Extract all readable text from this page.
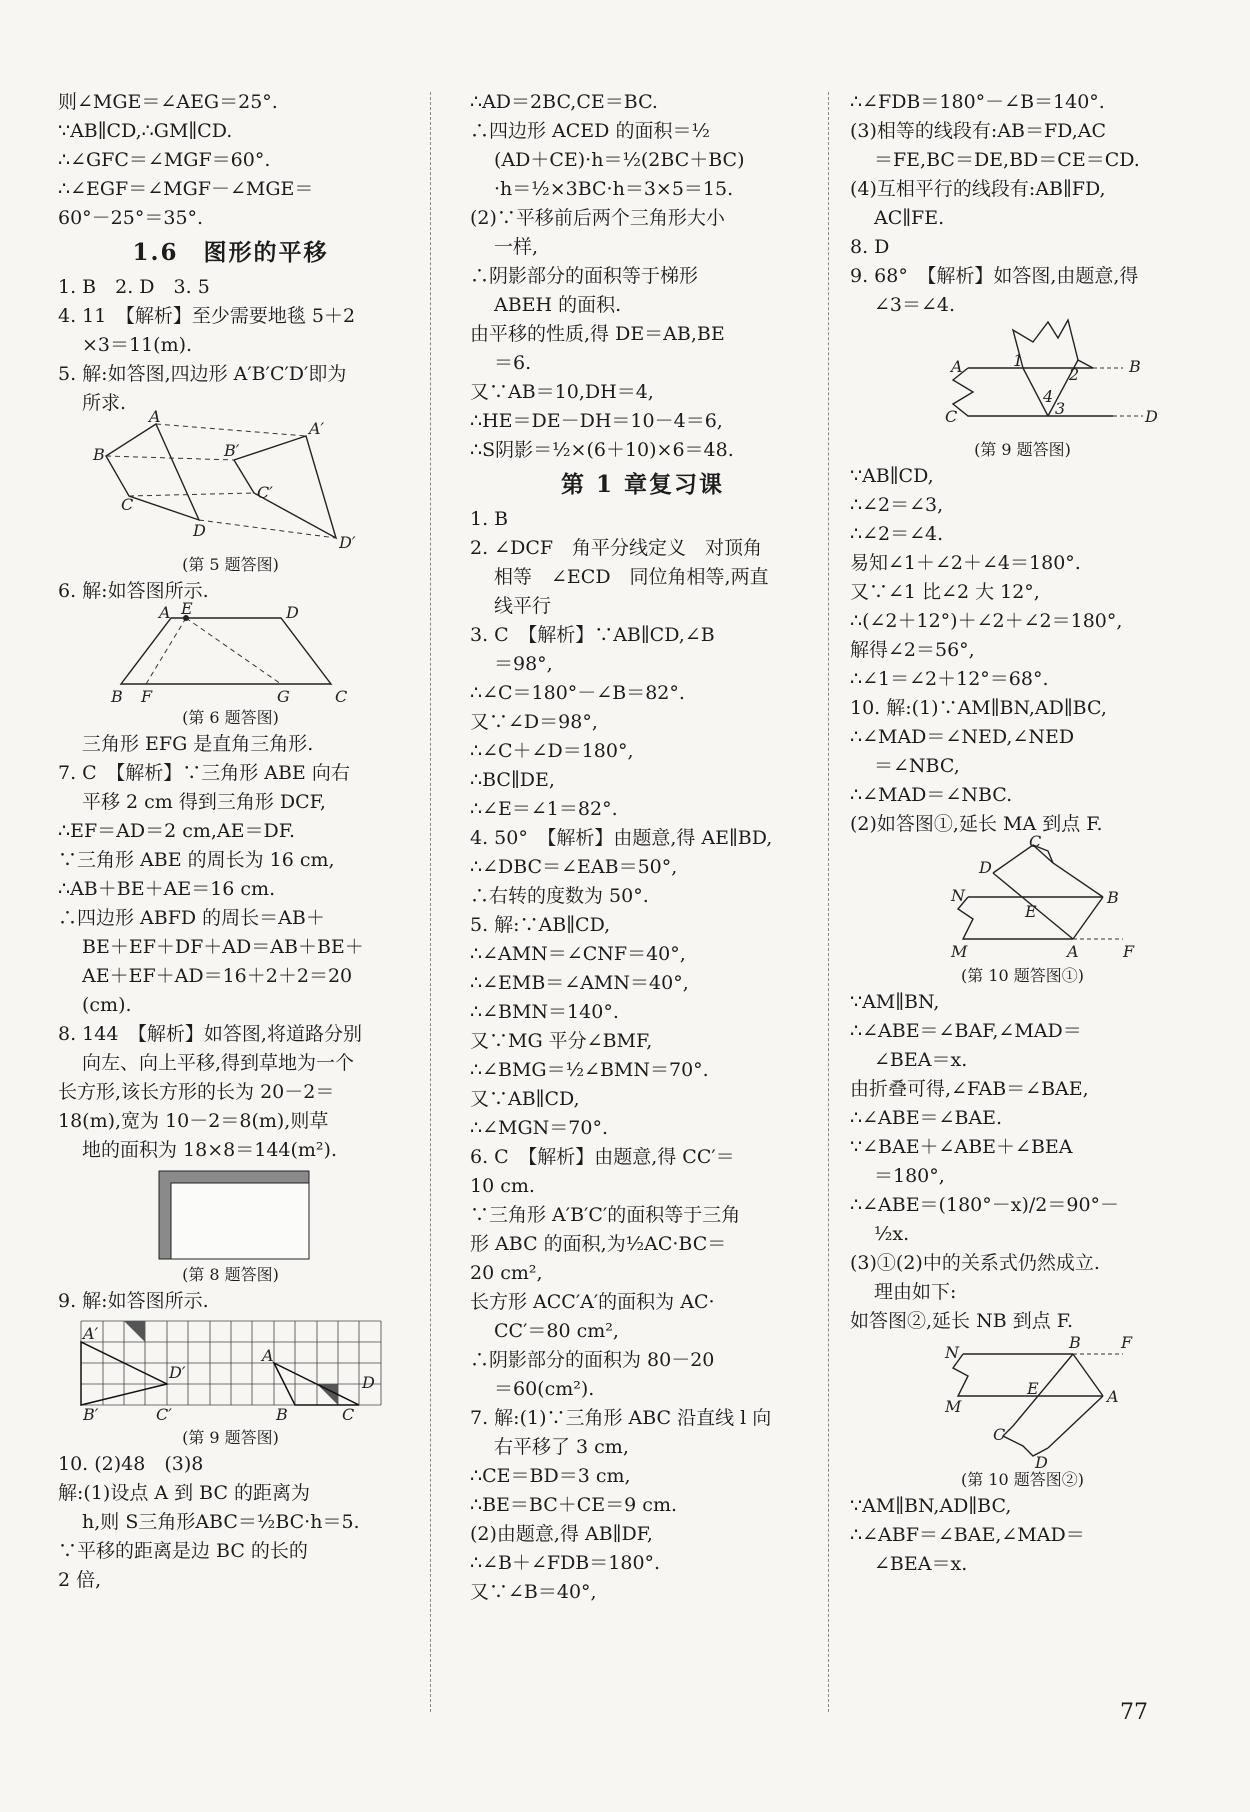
则∠MGE＝∠AEG＝25°.
∵AB∥CD,∴GM∥CD.
∴∠GFC＝∠MGF＝60°.
∴∠EGF＝∠MGF－∠MGE＝
60°－25°＝35°.
1.6　图形的平移
1. B　2. D　3. 5
4. 11　【解析】至少需要地毯 5＋2
×3＝11(m).
5. 解:如答图,四边形 A′B′C′D′即为
所求.
A
B
C
D
A′
B′
C′
D′
(第 5 题答图)
6. 解:如答图所示.
A E	D
B F	G	C
(第 6 题答图)
三角形 EFG 是直角三角形.
7. C　【解析】∵三角形 ABE 向右
平移 2 cm 得到三角形 DCF,
∴EF＝AD＝2 cm,AE＝DF.
∵三角形 ABE 的周长为 16 cm,
∴AB＋BE＋AE＝16 cm.
∴四边形 ABFD 的周长＝AB＋
BE＋EF＋DF＋AD＝AB＋BE＋
AE＋EF＋AD＝16＋2＋2＝20
(cm).
8. 144　【解析】如答图,将道路分别
向左、向上平移,得到草地为一个
长方形,该长方形的长为 20－2＝
18(m),宽为 10－2＝8(m),则草
地的面积为 18×8＝144(m²).
(第 8 题答图)
9. 解:如答图所示.
A′
B′
D′
C′
A
B	C
D
(第 9 题答图)
10. (2)48　(3)8
解:(1)设点 A 到 BC 的距离为
h,则 S三角形ABC＝½BC·h＝5.
∵平移的距离是边 BC 的长的
2 倍,
∴AD＝2BC,CE＝BC.
∴四边形 ACED 的面积＝½
(AD＋CE)·h＝½(2BC＋BC)
·h＝½×3BC·h＝3×5＝15.
(2)∵平移前后两个三角形大小
一样,
∴阴影部分的面积等于梯形
ABEH 的面积.
由平移的性质,得 DE＝AB,BE
＝6.
又∵AB＝10,DH＝4,
∴HE＝DE－DH＝10－4＝6,
∴S阴影＝½×(6＋10)×6＝48.
第 1 章复习课
1. B
2. ∠DCF　角平分线定义　对顶角
相等　∠ECD　同位角相等,两直
线平行
3. C　【解析】∵AB∥CD,∠B
＝98°,
∴∠C＝180°－∠B＝82°.
又∵∠D＝98°,
∴∠C＋∠D＝180°,
∴BC∥DE,
∴∠E＝∠1＝82°.
4. 50°　【解析】由题意,得 AE∥BD,
∴∠DBC＝∠EAB＝50°,
∴右转的度数为 50°.
5. 解:∵AB∥CD,
∴∠AMN＝∠CNF＝40°,
∴∠EMB＝∠AMN＝40°,
∴∠BMN＝140°.
又∵MG 平分∠BMF,
∴∠BMG＝½∠BMN＝70°.
又∵AB∥CD,
∴∠MGN＝70°.
6. C　【解析】由题意,得 CC′＝
10 cm.
∵三角形 A′B′C′的面积等于三角
形 ABC 的面积,为½AC·BC＝
20 cm²,
长方形 ACC′A′的面积为 AC·
CC′＝80 cm²,
∴阴影部分的面积为 80－20
＝60(cm²).
7. 解:(1)∵三角形 ABC 沿直线 l 向
右平移了 3 cm,
∴CE＝BD＝3 cm,
∴BE＝BC＋CE＝9 cm.
(2)由题意,得 AB∥DF,
∴∠B＋∠FDB＝180°.
又∵∠B＝40°,
∴∠FDB＝180°－∠B＝140°.
(3)相等的线段有:AB＝FD,AC
＝FE,BC＝DE,BD＝CE＝CD.
(4)互相平行的线段有:AB∥FD,
AC∥FE.
8. D
9. 68°　【解析】如答图,由题意,得
∠3＝∠4.
A
C
B
D
1
2
4
3
(第 9 题答图)
∵AB∥CD,
∴∠2＝∠3,
∴∠2＝∠4.
易知∠1＋∠2＋∠4＝180°.
又∵∠1 比∠2 大 12°,
∴(∠2＋12°)＋∠2＋∠2＝180°,
解得∠2＝56°,
∴∠1＝∠2＋12°＝68°.
10. 解:(1)∵AM∥BN,AD∥BC,
∴∠MAD＝∠NED,∠NED
＝∠NBC,
∴∠MAD＝∠NBC.
(2)如答图①,延长 MA 到点 F.
C
D
N	B
E
M	A	F
(第 10 题答图①)
∵AM∥BN,
∴∠ABE＝∠BAF,∠MAD＝
∠BEA＝x.
由折叠可得,∠FAB＝∠BAE,
∴∠ABE＝∠BAE.
∵∠BAE＋∠ABE＋∠BEA
＝180°,
∴∠ABE＝(180°－x)/2＝90°－
½x.
(3)①(2)中的关系式仍然成立.
理由如下:
如答图②,延长 NB 到点 F.
N
B	F
E
M
A
C
D
(第 10 题答图②)
∵AM∥BN,AD∥BC,
∴∠ABF＝∠BAE,∠MAD＝
∠BEA＝x.
77
